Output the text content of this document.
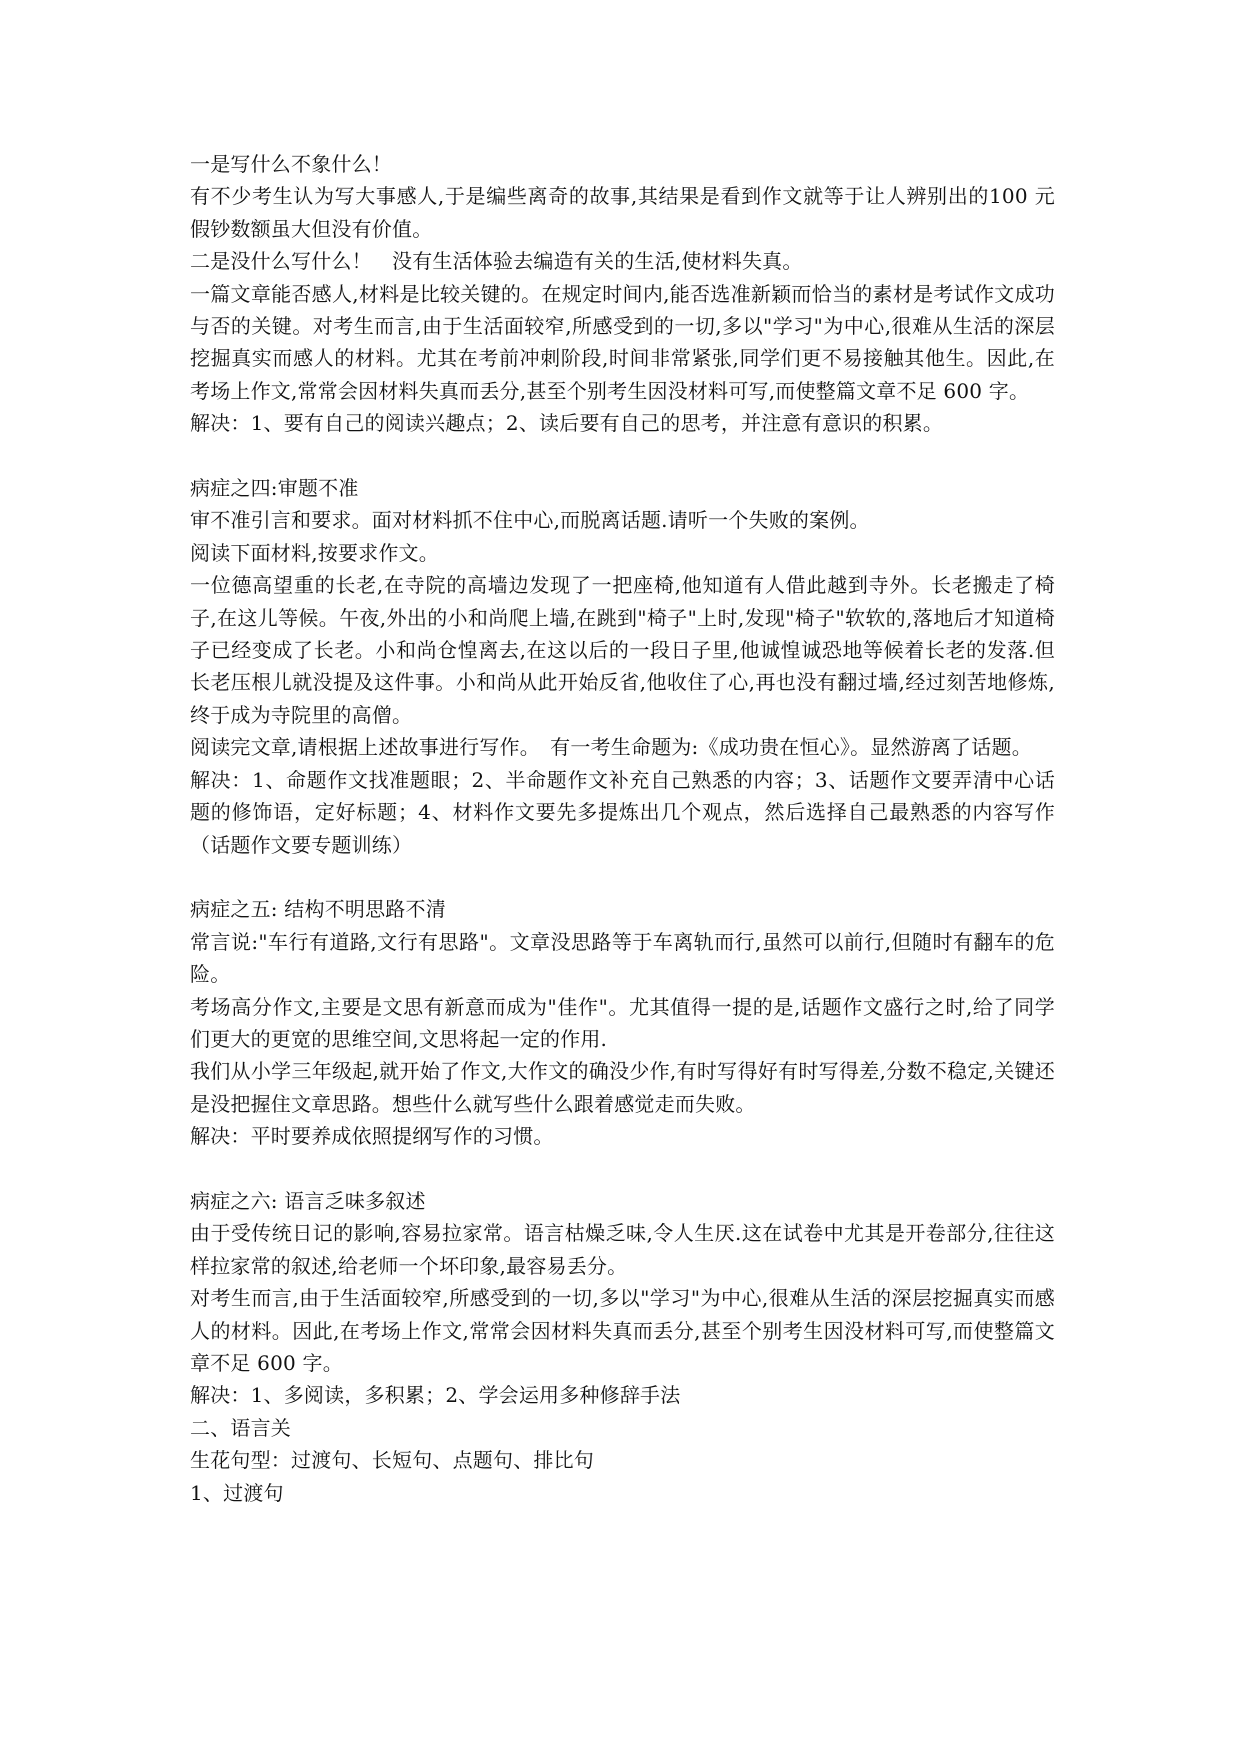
一是写什么不象什么！

有不少考生认为写大事感人,于是编些离奇的故事,其结果是看到作文就等于让人辨别出的100 元假钞数额虽大但没有价值。

二是没什么写什么！　没有生活体验去编造有关的生活,使材料失真。

一篇文章能否感人,材料是比较关键的。在规定时间内,能否选准新颖而恰当的素材是考试作文成功与否的关键。对考生而言,由于生活面较窄,所感受到的一切,多以"学习"为中心,很难从生活的深层挖掘真实而感人的材料。尤其在考前冲刺阶段,时间非常紧张,同学们更不易接触其他生。因此,在考场上作文,常常会因材料失真而丢分,甚至个别考生因没材料可写,而使整篇文章不足 600 字。

解决：1、要有自己的阅读兴趣点；2、读后要有自己的思考，并注意有意识的积累。

病症之四:审题不准

审不准引言和要求。面对材料抓不住中心,而脱离话题.请听一个失败的案例。

阅读下面材料,按要求作文。

一位德高望重的长老,在寺院的高墙边发现了一把座椅,他知道有人借此越到寺外。长老搬走了椅子,在这儿等候。午夜,外出的小和尚爬上墙,在跳到"椅子"上时,发现"椅子"软软的,落地后才知道椅子已经变成了长老。小和尚仓惶离去,在这以后的一段日子里,他诚惶诚恐地等候着长老的发落.但长老压根儿就没提及这件事。小和尚从此开始反省,他收住了心,再也没有翻过墙,经过刻苦地修炼,终于成为寺院里的高僧。

阅读完文章,请根据上述故事进行写作。　有一考生命题为:《成功贵在恒心》。显然游离了话题。

解决：1、命题作文找准题眼；2、半命题作文补充自己熟悉的内容；3、话题作文要弄清中心话题的修饰语，定好标题；4、材料作文要先多提炼出几个观点，然后选择自己最熟悉的内容写作（话题作文要专题训练）

病症之五: 结构不明思路不清

常言说:"车行有道路,文行有思路"。文章没思路等于车离轨而行,虽然可以前行,但随时有翻车的危险。

考场高分作文,主要是文思有新意而成为"佳作"。尤其值得一提的是,话题作文盛行之时,给了同学们更大的更宽的思维空间,文思将起一定的作用.

我们从小学三年级起,就开始了作文,大作文的确没少作,有时写得好有时写得差,分数不稳定,关键还是没把握住文章思路。想些什么就写些什么跟着感觉走而失败。

解决：平时要养成依照提纲写作的习惯。

病症之六: 语言乏味多叙述

由于受传统日记的影响,容易拉家常。语言枯燥乏味,令人生厌.这在试卷中尤其是开卷部分,往往这样拉家常的叙述,给老师一个坏印象,最容易丢分。

对考生而言,由于生活面较窄,所感受到的一切,多以"学习"为中心,很难从生活的深层挖掘真实而感人的材料。因此,在考场上作文,常常会因材料失真而丢分,甚至个别考生因没材料可写,而使整篇文章不足 600 字。

解决：1、多阅读，多积累；2、学会运用多种修辞手法

二、语言关

生花句型：过渡句、长短句、点题句、排比句

1、过渡句
